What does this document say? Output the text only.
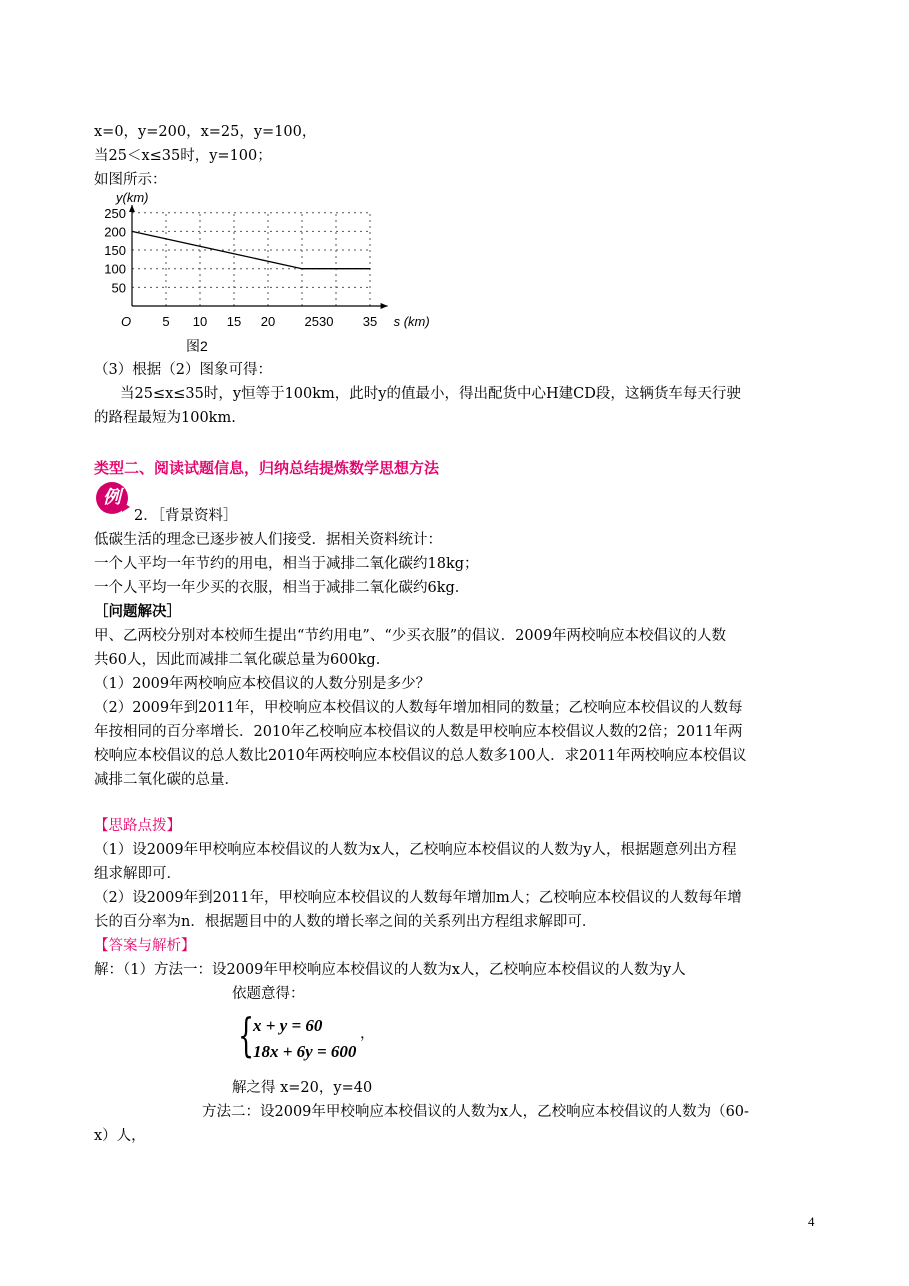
x=0，y=200，x=25，y=100，
当25＜x≤35时，y=100；
如图所示：
250
200
150
100
50
5 10 15 20 2530 35
O
y(km)
s (km)
图2
（3）根据（2）图象可得：
当25≤x≤35时，y恒等于100km，此时y的值最小，得出配货中心H建CD段，这辆货车每天行驶
的路程最短为100km.
类型二、阅读试题信息，归纳总结提炼数学思想方法
例
2．［背景资料］
低碳生活的理念已逐步被人们接受．据相关资料统计：
一个人平均一年节约的用电，相当于减排二氧化碳约18kg；
一个人平均一年少买的衣服，相当于减排二氧化碳约6kg．
［问题解决］
甲、乙两校分别对本校师生提出“节约用电”、“少买衣服”的倡议．2009年两校响应本校倡议的人数
共60人，因此而减排二氧化碳总量为600kg．
（1）2009年两校响应本校倡议的人数分别是多少？
（2）2009年到2011年，甲校响应本校倡议的人数每年增加相同的数量；乙校响应本校倡议的人数每
年按相同的百分率增长．2010年乙校响应本校倡议的人数是甲校响应本校倡议人数的2倍；2011年两
校响应本校倡议的总人数比2010年两校响应本校倡议的总人数多100人．求2011年两校响应本校倡议
减排二氧化碳的总量．
【思路点拨】
（1）设2009年甲校响应本校倡议的人数为x人，乙校响应本校倡议的人数为y人，根据题意列出方程
组求解即可．
（2）设2009年到2011年，甲校响应本校倡议的人数每年增加m人；乙校响应本校倡议的人数每年增
长的百分率为n．根据题目中的人数的增长率之间的关系列出方程组求解即可．
【答案与解析】
解：（1）方法一：设2009年甲校响应本校倡议的人数为x人，乙校响应本校倡议的人数为y人
依题意得：
{
x + y = 60
18x + 6y = 600
，
解之得 x=20，y=40
方法二：设2009年甲校响应本校倡议的人数为x人，乙校响应本校倡议的人数为（60-
x）人，
4
